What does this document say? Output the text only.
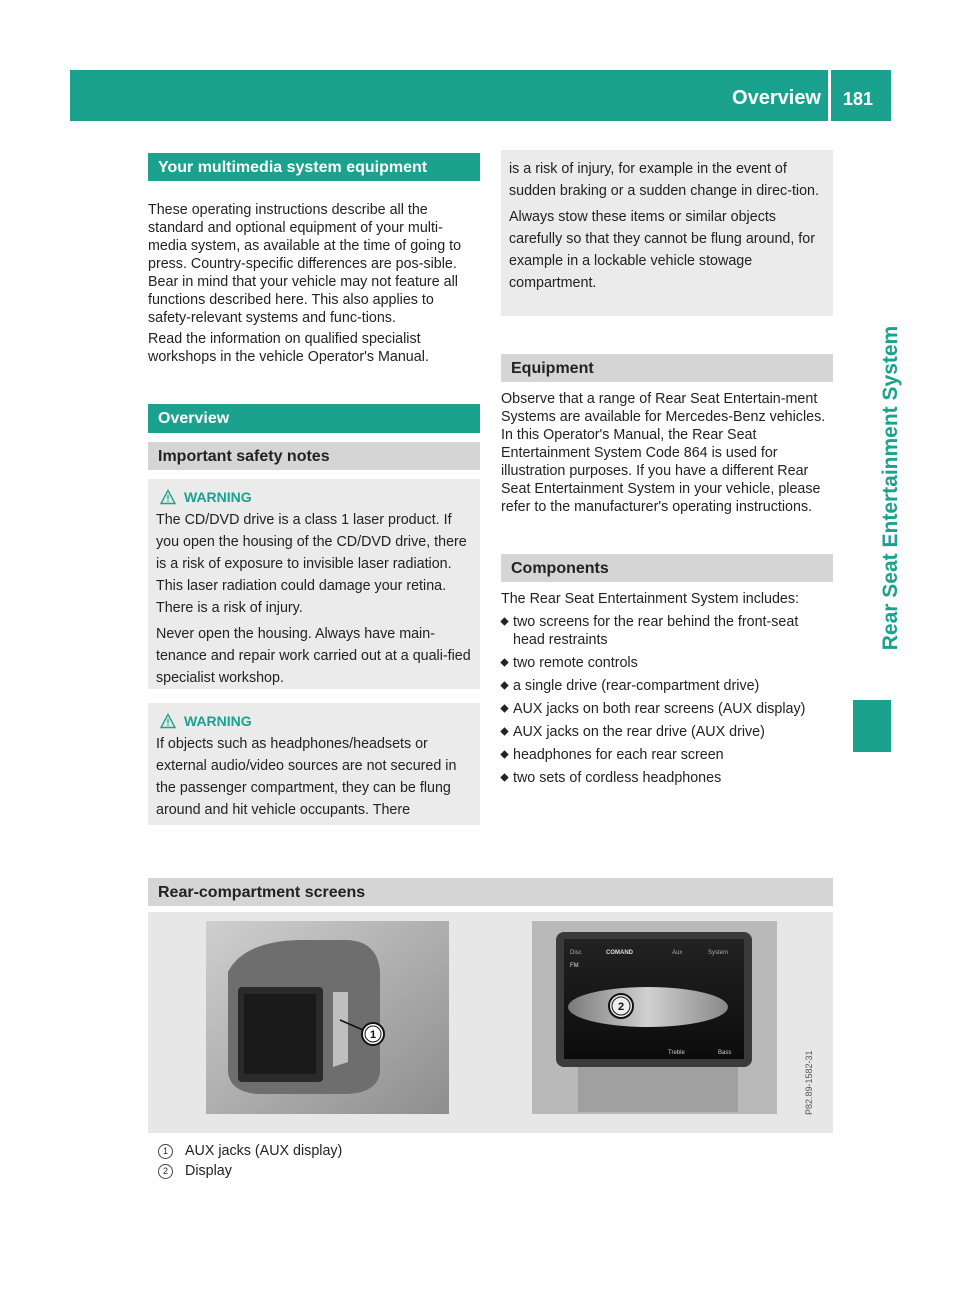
Overview 181
Rear Seat Entertainment System
Your multimedia system equipment

These operating instructions describe all the standard and optional equipment of your multi-media system, as available at the time of going to press. Country-specific differences are pos-sible. Bear in mind that your vehicle may not feature all functions described here. This also applies to safety-relevant systems and func-tions.

Read the information on qualified specialist workshops in the vehicle Operator's Manual.

Overview
Important safety notes
WARNING

The CD/DVD drive is a class 1 laser product. If you open the housing of the CD/DVD drive, there is a risk of exposure to invisible laser radiation. This laser radiation could damage your retina. There is a risk of injury.

Never open the housing. Always have main-tenance and repair work carried out at a quali-fied specialist workshop.

WARNING

If objects such as headphones/headsets or external audio/video sources are not secured in the passenger compartment, they can be flung around and hit vehicle occupants. There

is a risk of injury, for example in the event of sudden braking or a sudden change in direc-tion.

Always stow these items or similar objects carefully so that they cannot be flung around, for example in a lockable vehicle stowage compartment.

Equipment

Observe that a range of Rear Seat Entertain-ment Systems are available for Mercedes-Benz vehicles. In this Operator's Manual, the Rear Seat Entertainment System Code 864 is used for illustration purposes. If you have a different Rear Seat Entertainment System in your vehicle, please refer to the manufacturer's operating instructions.

Components

The Rear Seat Entertainment System includes:

two screens for the rear behind the front-seat head restraints
two remote controls
a single drive (rear-compartment drive)
AUX jacks on both rear screens (AUX display)
AUX jacks on the rear drive (AUX drive)
headphones for each rear screen
two sets of cordless headphones
Rear-compartment screens
1
Disc	COMAND	Aux	System
FM
2
Treble	Bass	P82.89-1582-31
1	AUX jacks (AUX display)
2	Display
